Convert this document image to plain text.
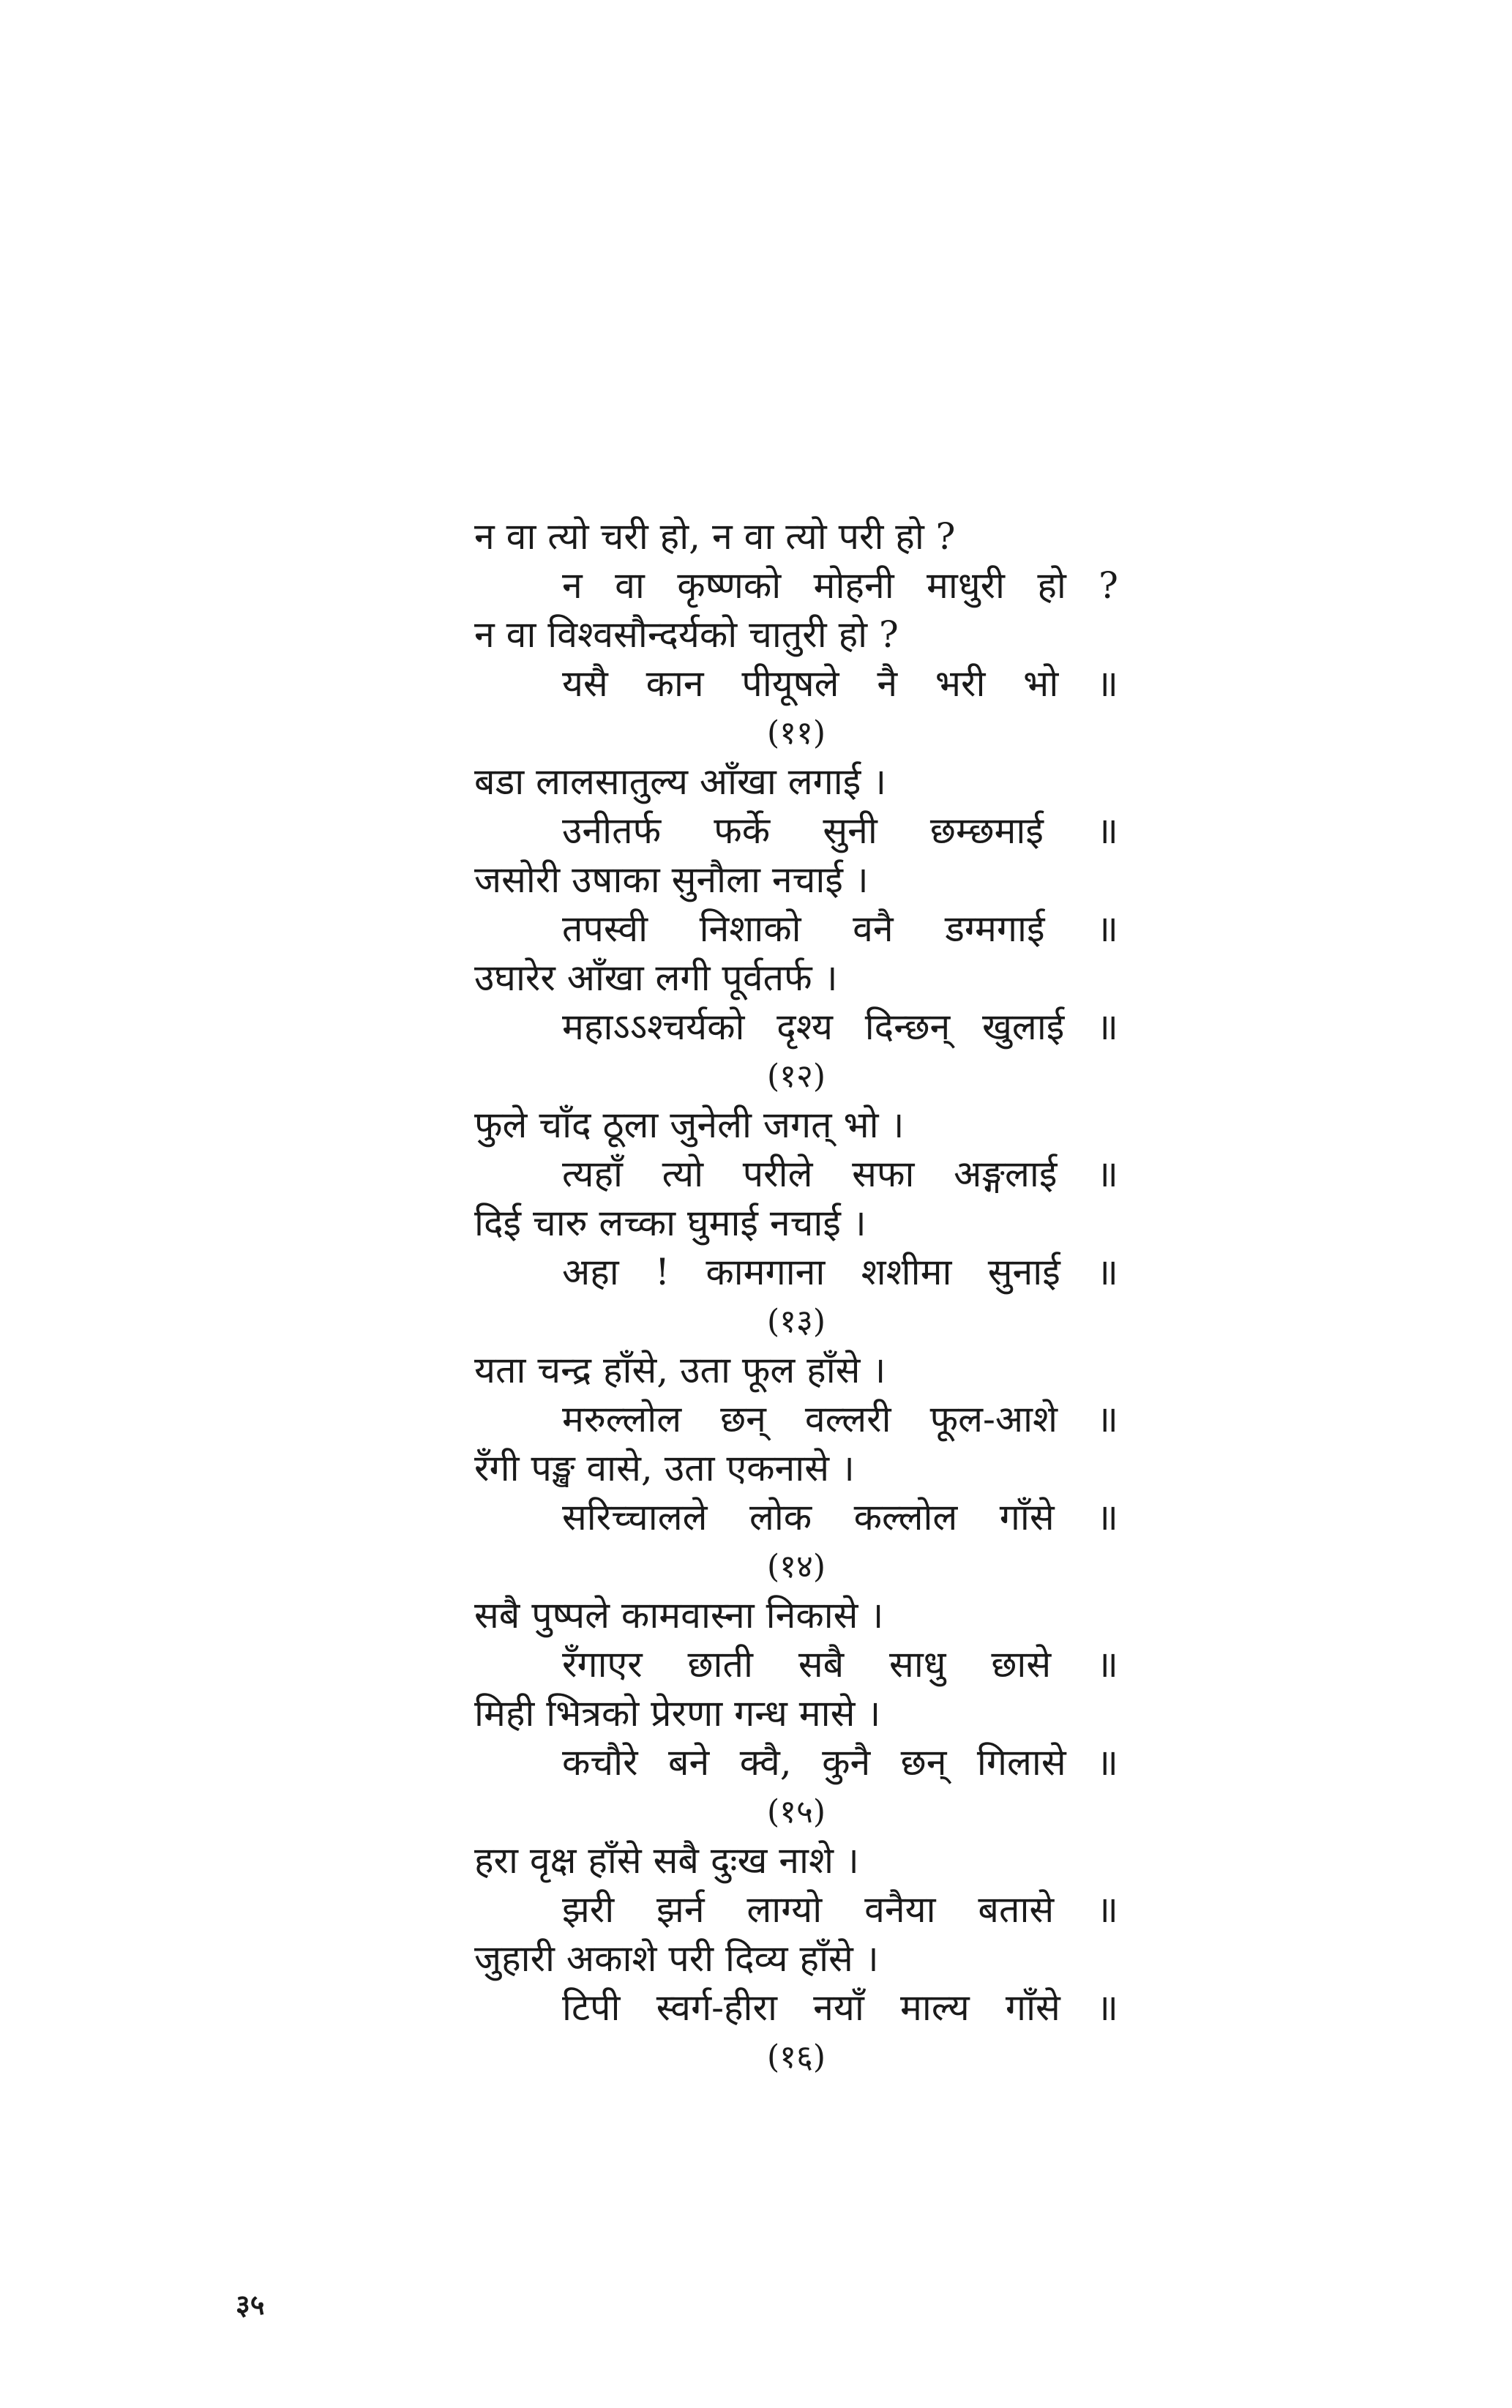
न वा त्यो चरी हो, न वा त्यो परी हो ?
न वा कृष्णको मोहनी माधुरी हो ?
न वा विश्वसौन्दर्यको चातुरी हो ?
यसै कान पीयूषले नै भरी भो ॥
(११)
बडा लालसातुल्य आँखा लगाई ।
उनीतर्फ फर्के सुनी छम्छमाई ॥
जसोरी उषाका सुनौला नचाई ।
तपस्वी निशाको वनै डग्मगाई ॥
उघारेर आँखा लगी पूर्वतर्फ ।
महाऽऽश्चर्यको दृश्य दिन्छन् खुलाई ॥
(१२)
फुले चाँद ठूला जुनेली जगत् भो ।
त्यहाँ त्यो परीले सफा अङ्गलाई ॥
दिई चारु लच्का घुमाई नचाई ।
अहा ! कामगाना शशीमा सुनाई ॥
(१३)
यता चन्द्र हाँसे, उता फूल हाँसे ।
मरुल्लोल छन् वल्लरी फूल-आशे ॥
रँगी पङ्ख वासे, उता एकनासे ।
सरिच्चालले लोक कल्लोल गाँसे ॥
(१४)
सबै पुष्पले कामवास्ना निकासे ।
रँगाएर छाती सबै साधु छासे ॥
मिही भित्रको प्रेरणा गन्ध मासे ।
कचौरे बने क्वै, कुनै छन् गिलासे ॥
(१५)
हरा वृक्ष हाँसे सबै दुःख नाशे ।
झरी झर्न लाग्यो वनैया बतासे ॥
जुहारी अकाशे परी दिव्य हाँसे ।
टिपी स्वर्ग-हीरा नयाँ माल्य गाँसे ॥
(१६)
३५
